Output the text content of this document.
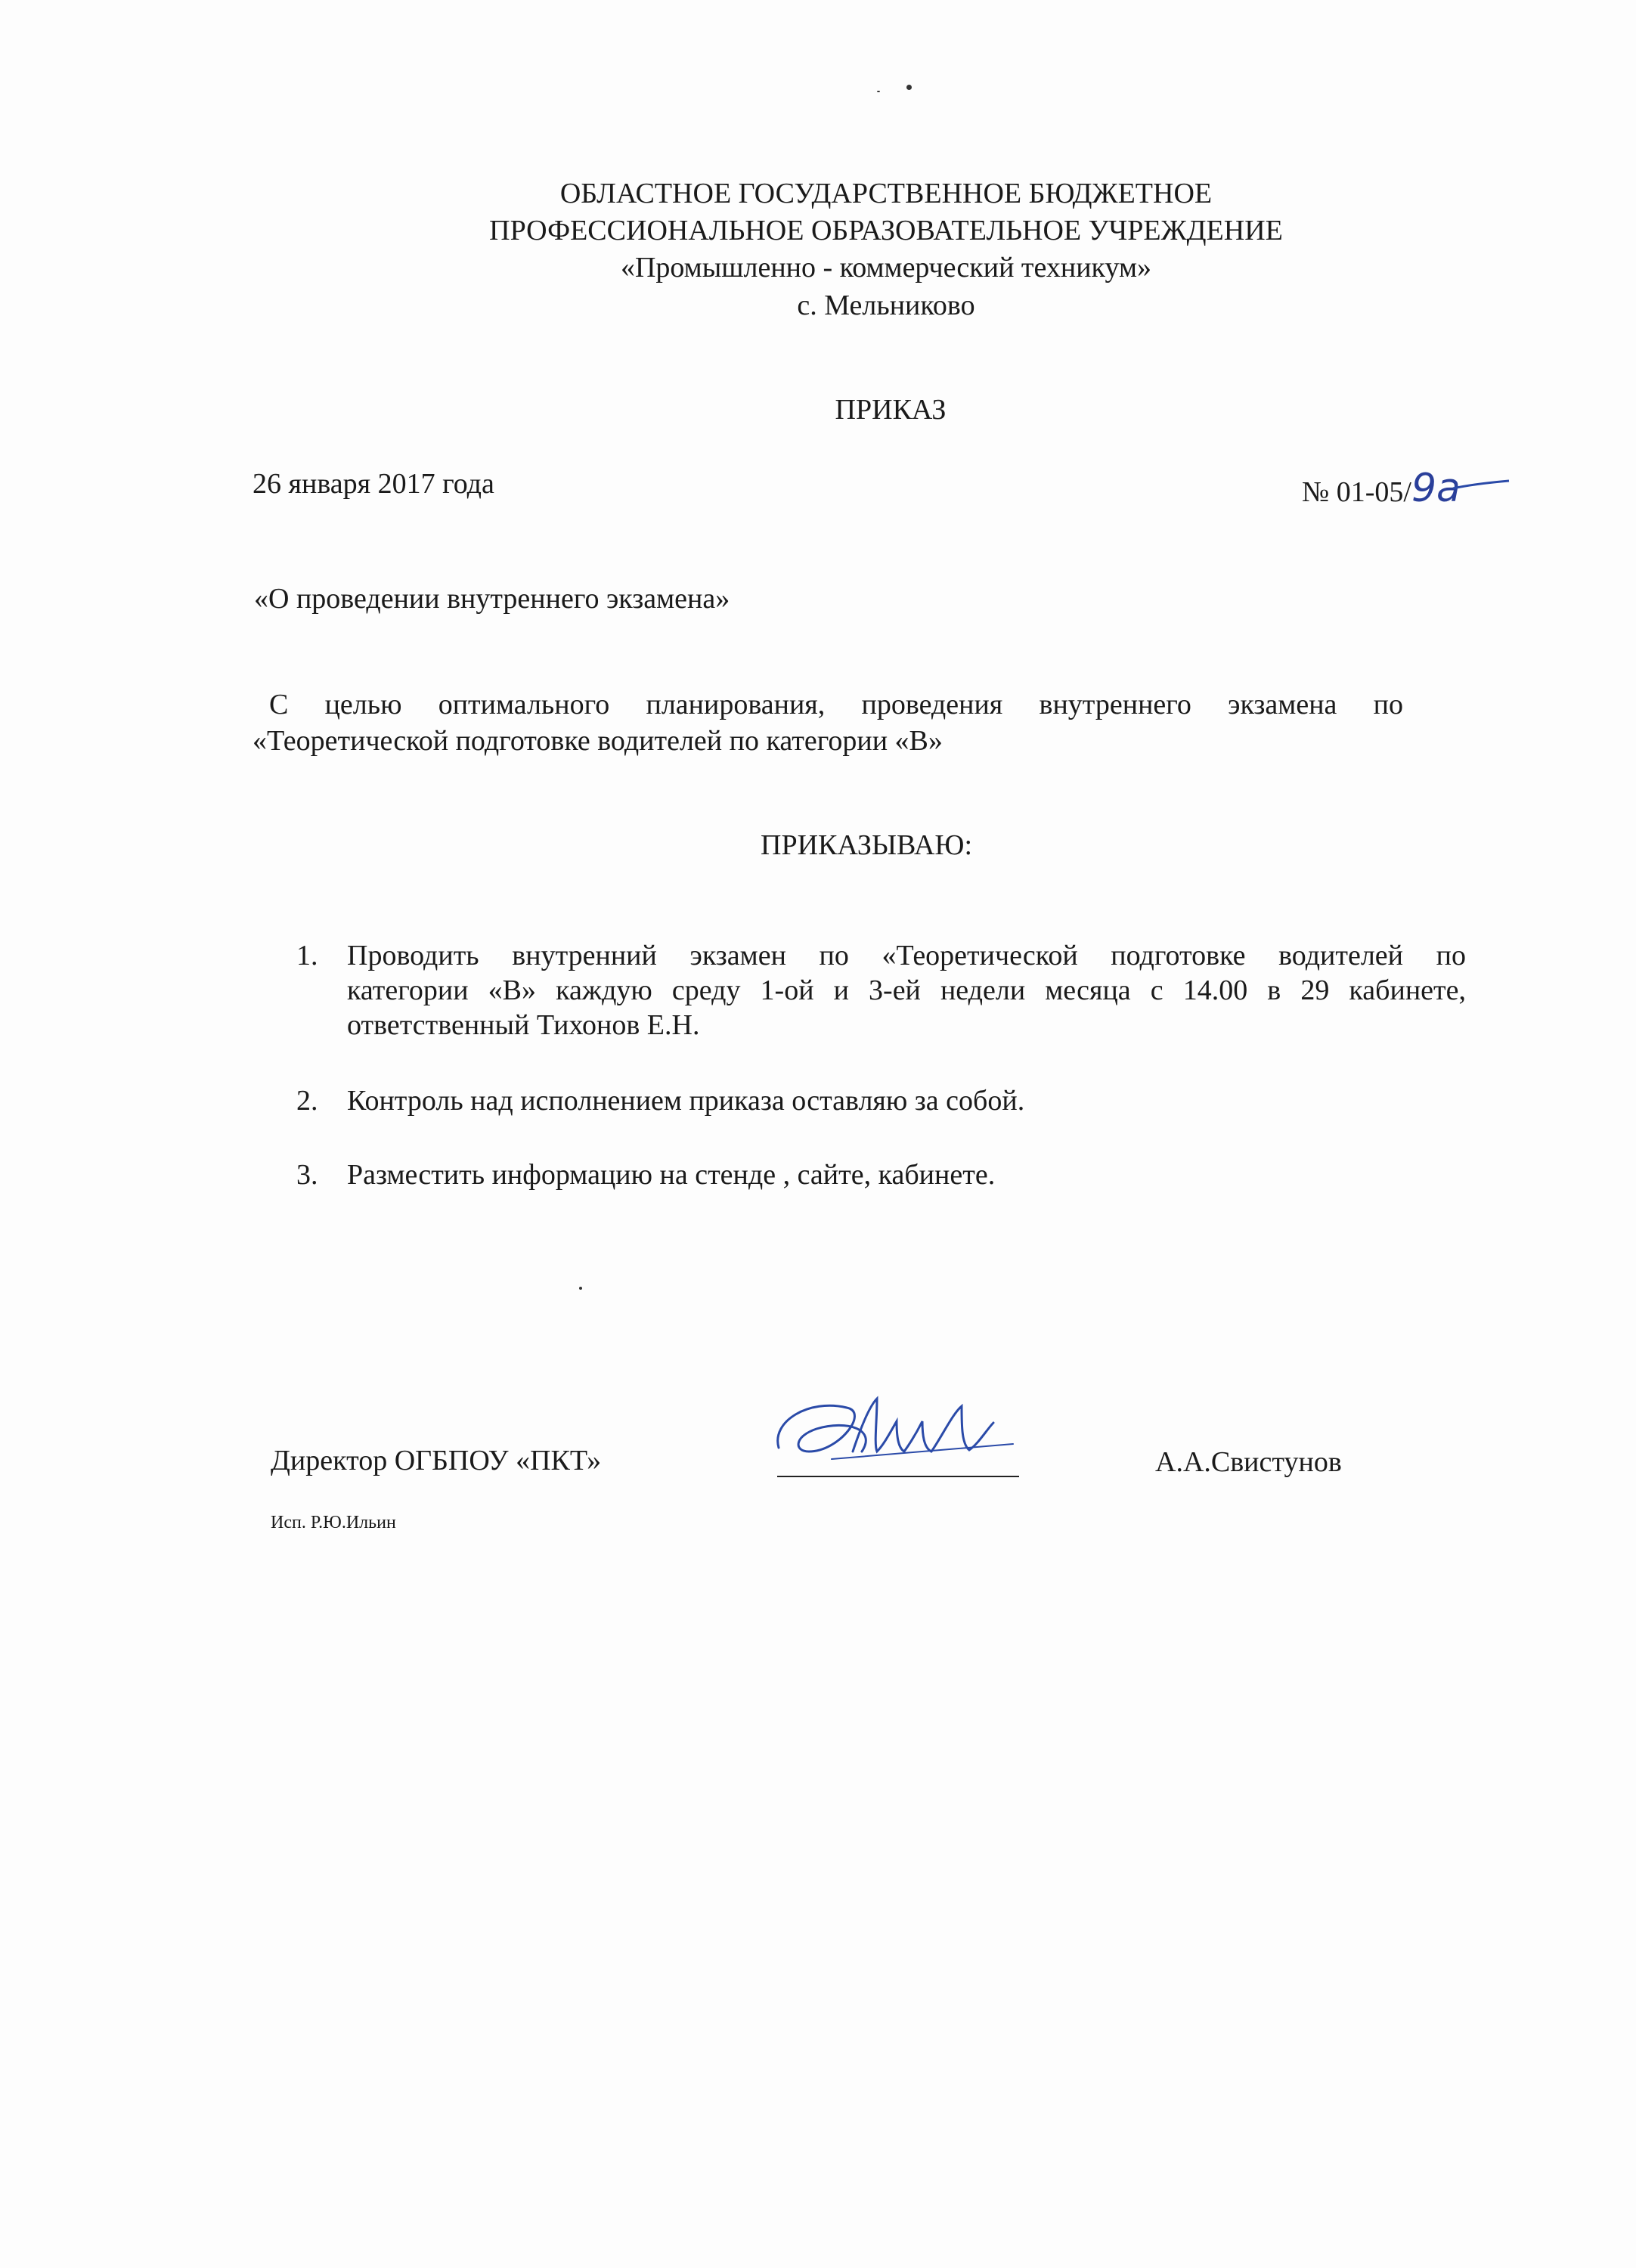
ОБЛАСТНОЕ ГОСУДАРСТВЕННОЕ БЮДЖЕТНОЕ
ПРОФЕССИОНАЛЬНОЕ ОБРАЗОВАТЕЛЬНОЕ УЧРЕЖДЕНИЕ
«Промышленно - коммерческий техникум»
с. Мельниково
ПРИКАЗ
26 января 2017 года	№ 01-05/9а
«О проведении внутреннего экзамена»
С целью оптимального планирования, проведения внутреннего экзамена по
«Теоретической подготовке водителей по категории «В»
ПРИКАЗЫВАЮ:
1. Проводить внутренний экзамен по «Теоретической подготовке водителей по
категории «В» каждую среду 1-ой и 3-ей недели месяца с 14.00 в 29 кабинете,
ответственный Тихонов Е.Н.
2. Контроль над исполнением приказа оставляю за собой.
3. Разместить информацию на стенде , сайте, кабинете.
Директор ОГБПОУ «ПКТ»	А.А.Свистунов
Исп. Р.Ю.Ильин
